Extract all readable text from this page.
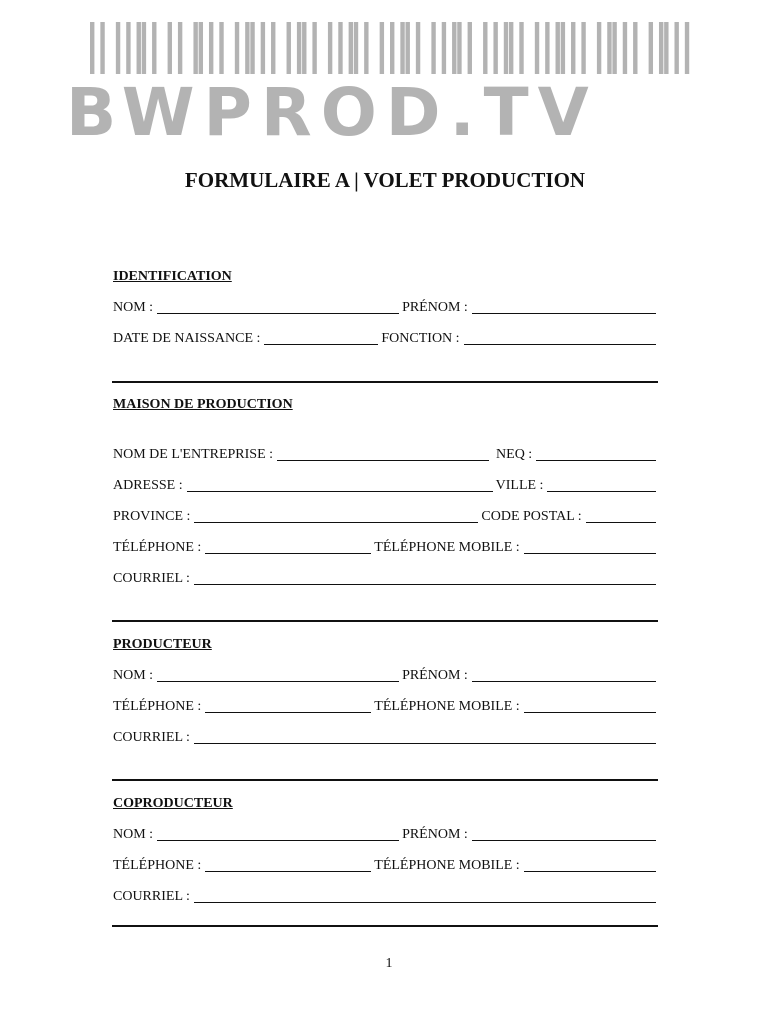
BWPROD.TV
FORMULAIRE A | VOLET PRODUCTION
IDENTIFICATION
NOM :	PRÉNOM :
DATE DE NAISSANCE :	FONCTION :
MAISON DE PRODUCTION
NOM DE L'ENTREPRISE :	NEQ :
ADRESSE :	VILLE :
PROVINCE :	CODE POSTAL :
TÉLÉPHONE :	TÉLÉPHONE MOBILE :
COURRIEL :
PRODUCTEUR
NOM :	PRÉNOM :
TÉLÉPHONE :	TÉLÉPHONE MOBILE :
COURRIEL :
COPRODUCTEUR
NOM :	PRÉNOM :
TÉLÉPHONE :	TÉLÉPHONE MOBILE :
COURRIEL :
1
